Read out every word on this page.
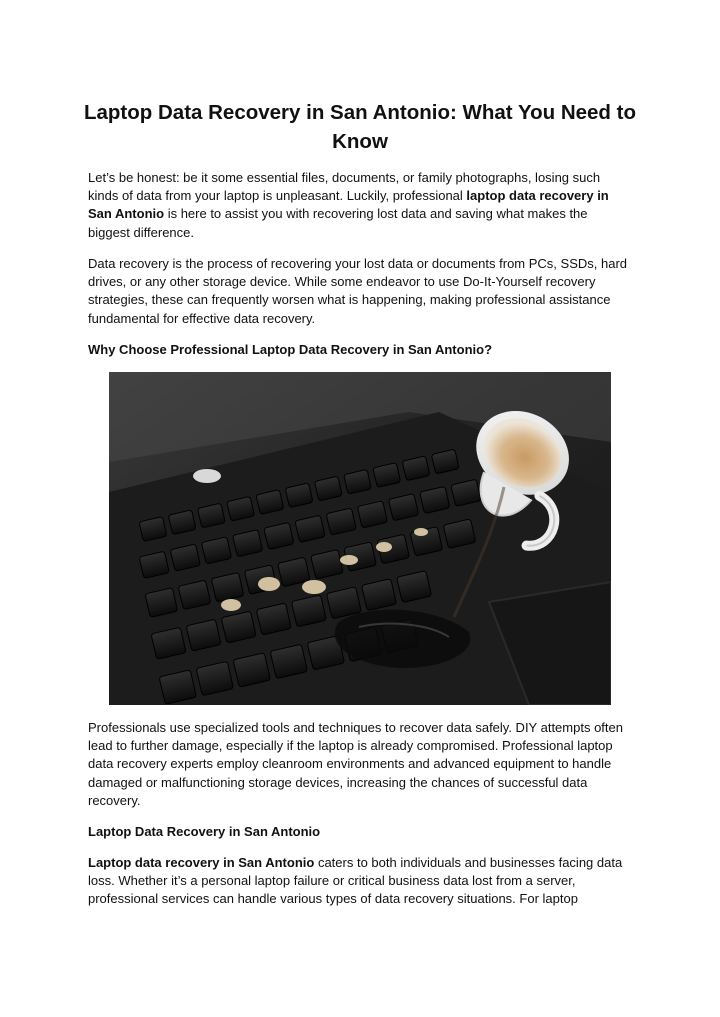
Laptop Data Recovery in San Antonio: What You Need to Know

Let’s be honest: be it some essential files, documents, or family photographs, losing such kinds of data from your laptop is unpleasant. Luckily, professional laptop data recovery in San Antonio is here to assist you with recovering lost data and saving what makes the biggest difference.

Data recovery is the process of recovering your lost data or documents from PCs, SSDs, hard drives, or any other storage device. While some endeavor to use Do-It-Yourself recovery strategies, these can frequently worsen what is happening, making professional assistance fundamental for effective data recovery.

Why Choose Professional Laptop Data Recovery in San Antonio?

Professionals use specialized tools and techniques to recover data safely. DIY attempts often lead to further damage, especially if the laptop is already compromised. Professional laptop data recovery experts employ cleanroom environments and advanced equipment to handle damaged or malfunctioning storage devices, increasing the chances of successful data recovery.

Laptop Data Recovery in San Antonio

Laptop data recovery in San Antonio caters to both individuals and businesses facing data loss. Whether it’s a personal laptop failure or critical business data lost from a server, professional services can handle various types of data recovery situations. For laptop
